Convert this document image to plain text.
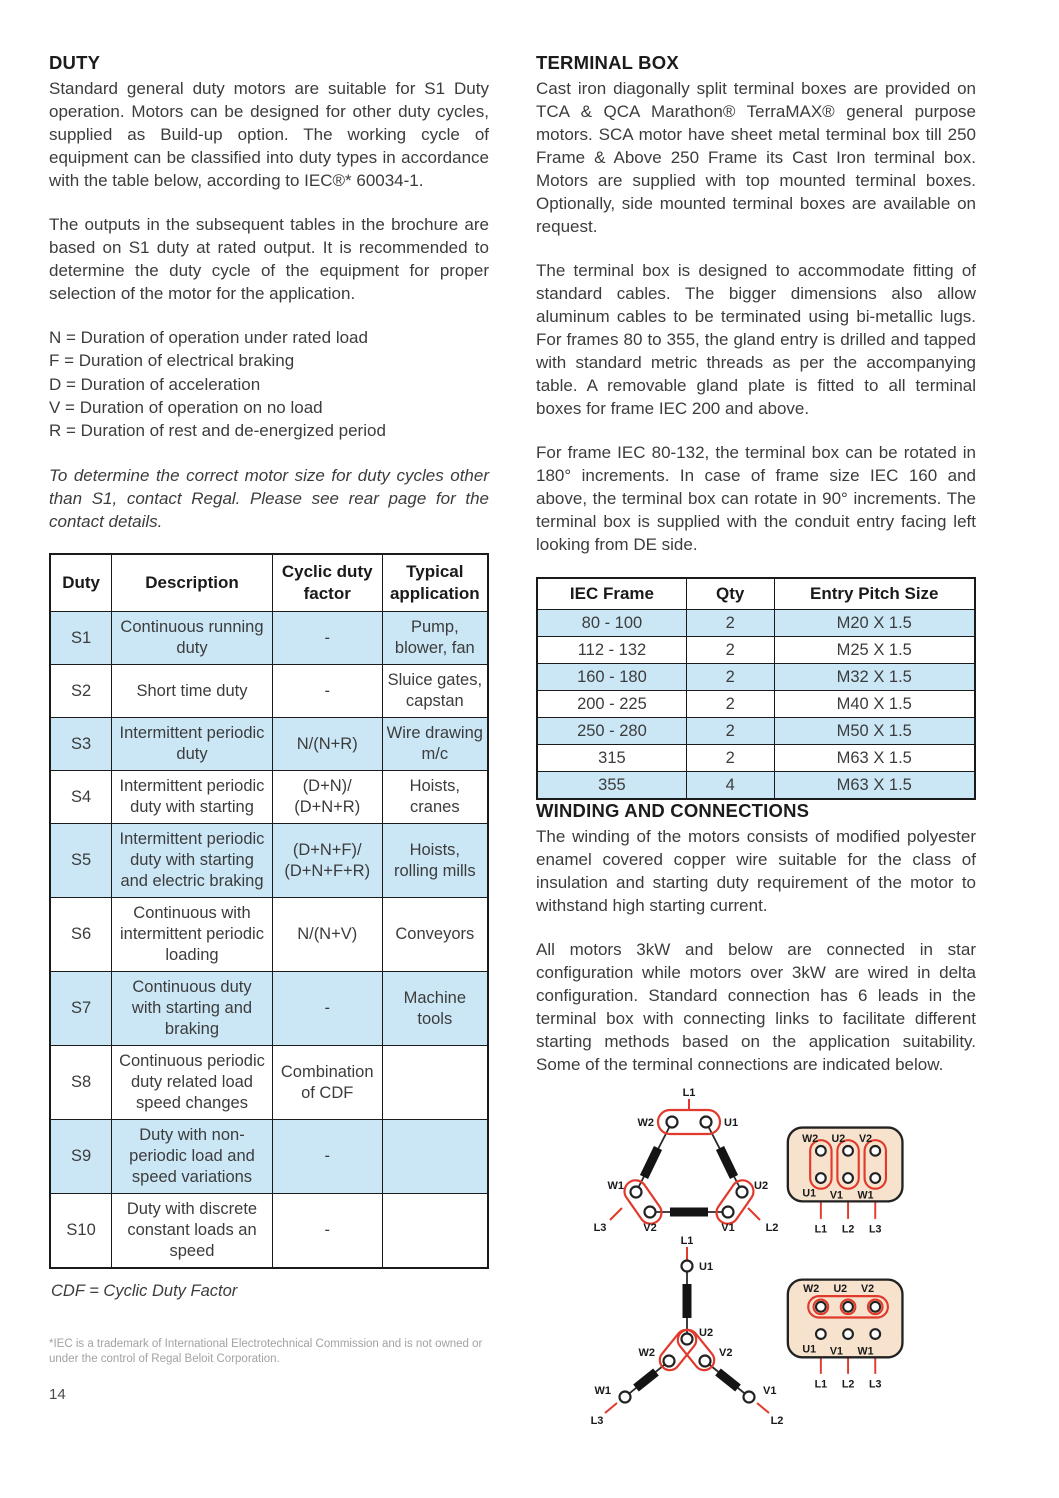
DUTY

Standard general duty motors are suitable for S1 Duty operation. Motors can be designed for other duty cycles, supplied as Build-up option. The working cycle of equipment can be classified into duty types in accordance with the table below, according to IEC®* 60034-1.

The outputs in the subsequent tables in the brochure are based on S1 duty at rated output. It is recommended to determine the duty cycle of the equipment for proper selection of the motor for the application.

N = Duration of operation under rated load
F = Duration of electrical braking
D = Duration of acceleration
V = Duration of operation on no load
R = Duration of rest and de-energized period

To determine the correct motor size for duty cycles other than S1, contact Regal. Please see rear page for the contact details.

Duty	Description	Cyclic duty factor	Typical application
S1	Continuous running duty	-	Pump, blower, fan
S2	Short time duty	-	Sluice gates, capstan
S3	Intermittent periodic duty	N/(N+R)	Wire drawing m/c
S4	Intermittent periodic duty with starting	(D+N)/ (D+N+R)	Hoists, cranes
S5	Intermittent periodic duty with starting and electric braking	(D+N+F)/ (D+N+F+R)	Hoists, rolling mills
S6	Continuous with intermittent periodic loading	N/(N+V)	Conveyors
S7	Continuous duty with starting and braking	-	Machine tools
S8	Continuous periodic duty related load speed changes	Combination of CDF	
S9	Duty with non-periodic load and speed variations	-	
S10	Duty with discrete constant loads an speed	-	
CDF = Cyclic Duty Factor
*IEC is a trademark of International Electrotechnical Commission and is not owned or under the control of Regal Beloit Corporation.
14
TERMINAL BOX

Cast iron diagonally split terminal boxes are provided on TCA & QCA Marathon® TerraMAX® general purpose motors. SCA motor have sheet metal terminal box till 250 Frame & Above 250 Frame its Cast Iron terminal box. Motors are supplied with top mounted terminal boxes. Optionally, side mounted terminal boxes are available on request.

The terminal box is designed to accommodate fitting of standard cables. The bigger dimensions also allow aluminum cables to be terminated using bi-metallic lugs. For frames 80 to 355, the gland entry is drilled and tapped with standard metric threads as per the accompanying table. A removable gland plate is fitted to all terminal boxes for frame IEC 200 and above.

For frame IEC 80-132, the terminal box can be rotated in 180° increments. In case of frame size IEC 160 and above, the terminal box can rotate in 90° increments. The terminal box is supplied with the conduit entry facing left looking from DE side.

IEC Frame	Qty	Entry Pitch Size
80 - 100	2	M20 X 1.5
112 - 132	2	M25 X 1.5
160 - 180	2	M32 X 1.5
200 - 225	2	M40 X 1.5
250 - 280	2	M50 X 1.5
315	2	M63 X 1.5
355	4	M63 X 1.5
WINDING AND CONNECTIONS

The winding of the motors consists of modified polyester enamel covered copper wire suitable for the class of insulation and starting duty requirement of the motor to withstand high starting current.

All motors 3kW and below are connected in star configuration while motors over 3kW are wired in delta configuration. Standard connection has 6 leads in the terminal box with connecting links to facilitate different starting methods based on the application suitability. Some of the terminal connections are indicated below.

L1
W2	U1
W1
V2
U2
V1
L3	L2
W2 U2 V2
U1 V1 W1
L1 L2 L3
L1
U1
U2
W2	V2
W1	V1
L3	L2
W2 U2 V2
U1 V1 W1
L1 L2 L3
